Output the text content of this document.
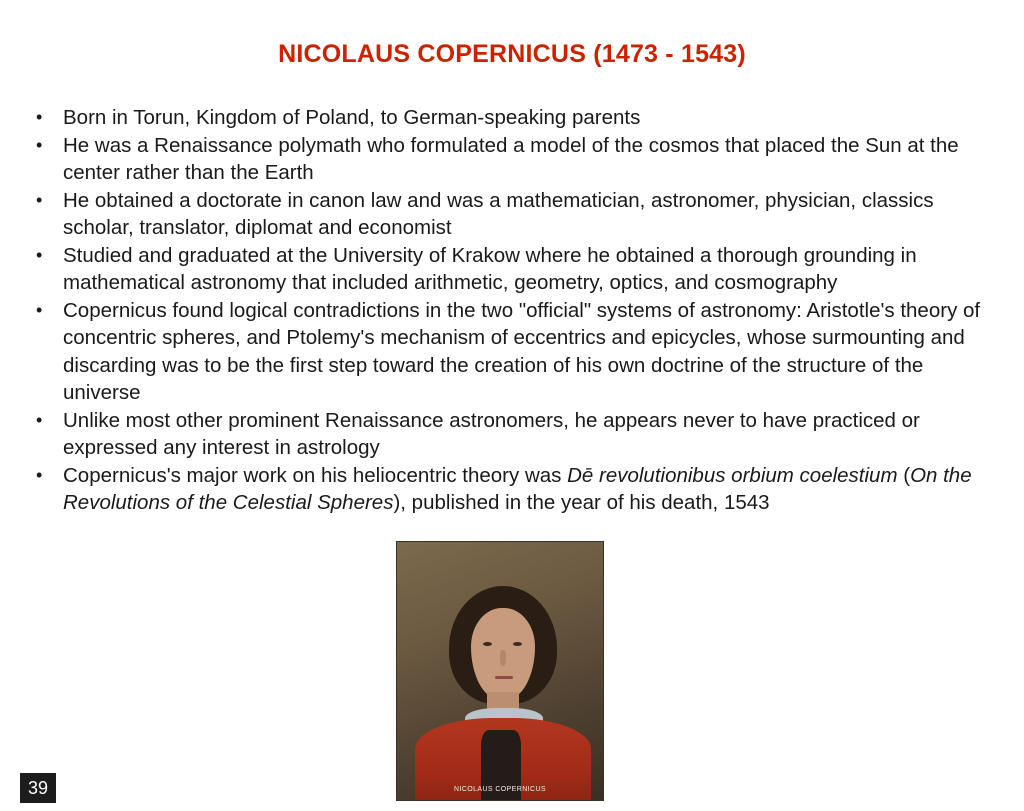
NICOLAUS COPERNICUS (1473 - 1543)
• Born in Torun, Kingdom of Poland, to German-speaking parents
• He was a Renaissance polymath who formulated a model of the cosmos that placed the Sun at the center rather than the Earth
• He obtained a doctorate in canon law and was a mathematician, astronomer, physician, classics scholar, translator, diplomat and economist
• Studied and graduated at the University of Krakow where he obtained a thorough grounding in mathematical astronomy that included arithmetic, geometry, optics, and cosmography
• Copernicus found logical contradictions in the two "official" systems of astronomy: Aristotle's theory of concentric spheres, and Ptolemy's mechanism of eccentrics and epicycles, whose surmounting and discarding was to be the first step toward the creation of his own doctrine of the structure of the universe
• Unlike most other prominent Renaissance astronomers, he appears never to have practiced or expressed any interest in astrology
• Copernicus's major work on his heliocentric theory was Dē revolutionibus orbium coelestium (On the Revolutions of the Celestial Spheres), published in the year of his death, 1543
NICOLAUS COPERNICUS
39
